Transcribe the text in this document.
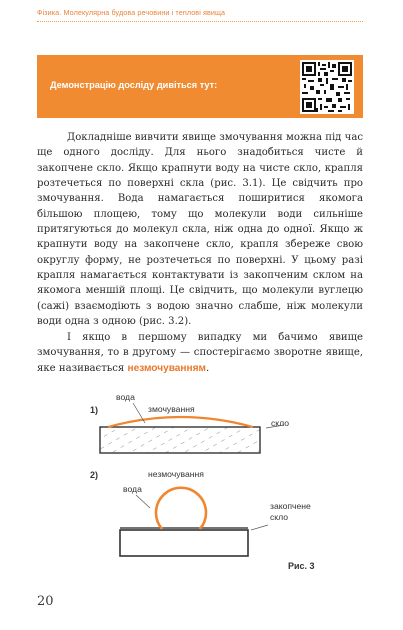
Фізика. Молекулярна будова речовини і теплові явища
Демонстрацію досліду дивіться тут:

Докладніше вивчити явище змочування можна під час ще одного досліду. Для нього знадобиться чисте й закопчене скло. Якщо крапнути воду на чисте скло, крапля розтечеться по поверхні скла (рис. 3.1). Це свідчить про змочування. Вода намагається поширитися якомога більшою площею, тому що молекули води сильніше притягуються до молекул скла, ніж одна до одної. Якщо ж крапнути воду на закопчене скло, крапля збереже свою округлу форму, не розтечеться по поверхні. У цьому разі крапля намагається контактувати із закопченим склом на якомога меншій площі. Це свідчить, що молекули вуглецю (сажі) взаємодіють з водою значно слабше, ніж молекули води одна з одною (рис. 3.2).

І якщо в першому випадку ми бачимо явище змочування, то в другому — спостерігаємо зворотне явище, яке називається незмочуванням.

1)
вода
змочування
скло
2)	незмочування
вода
закопчене
скло
Рис. 3
20
